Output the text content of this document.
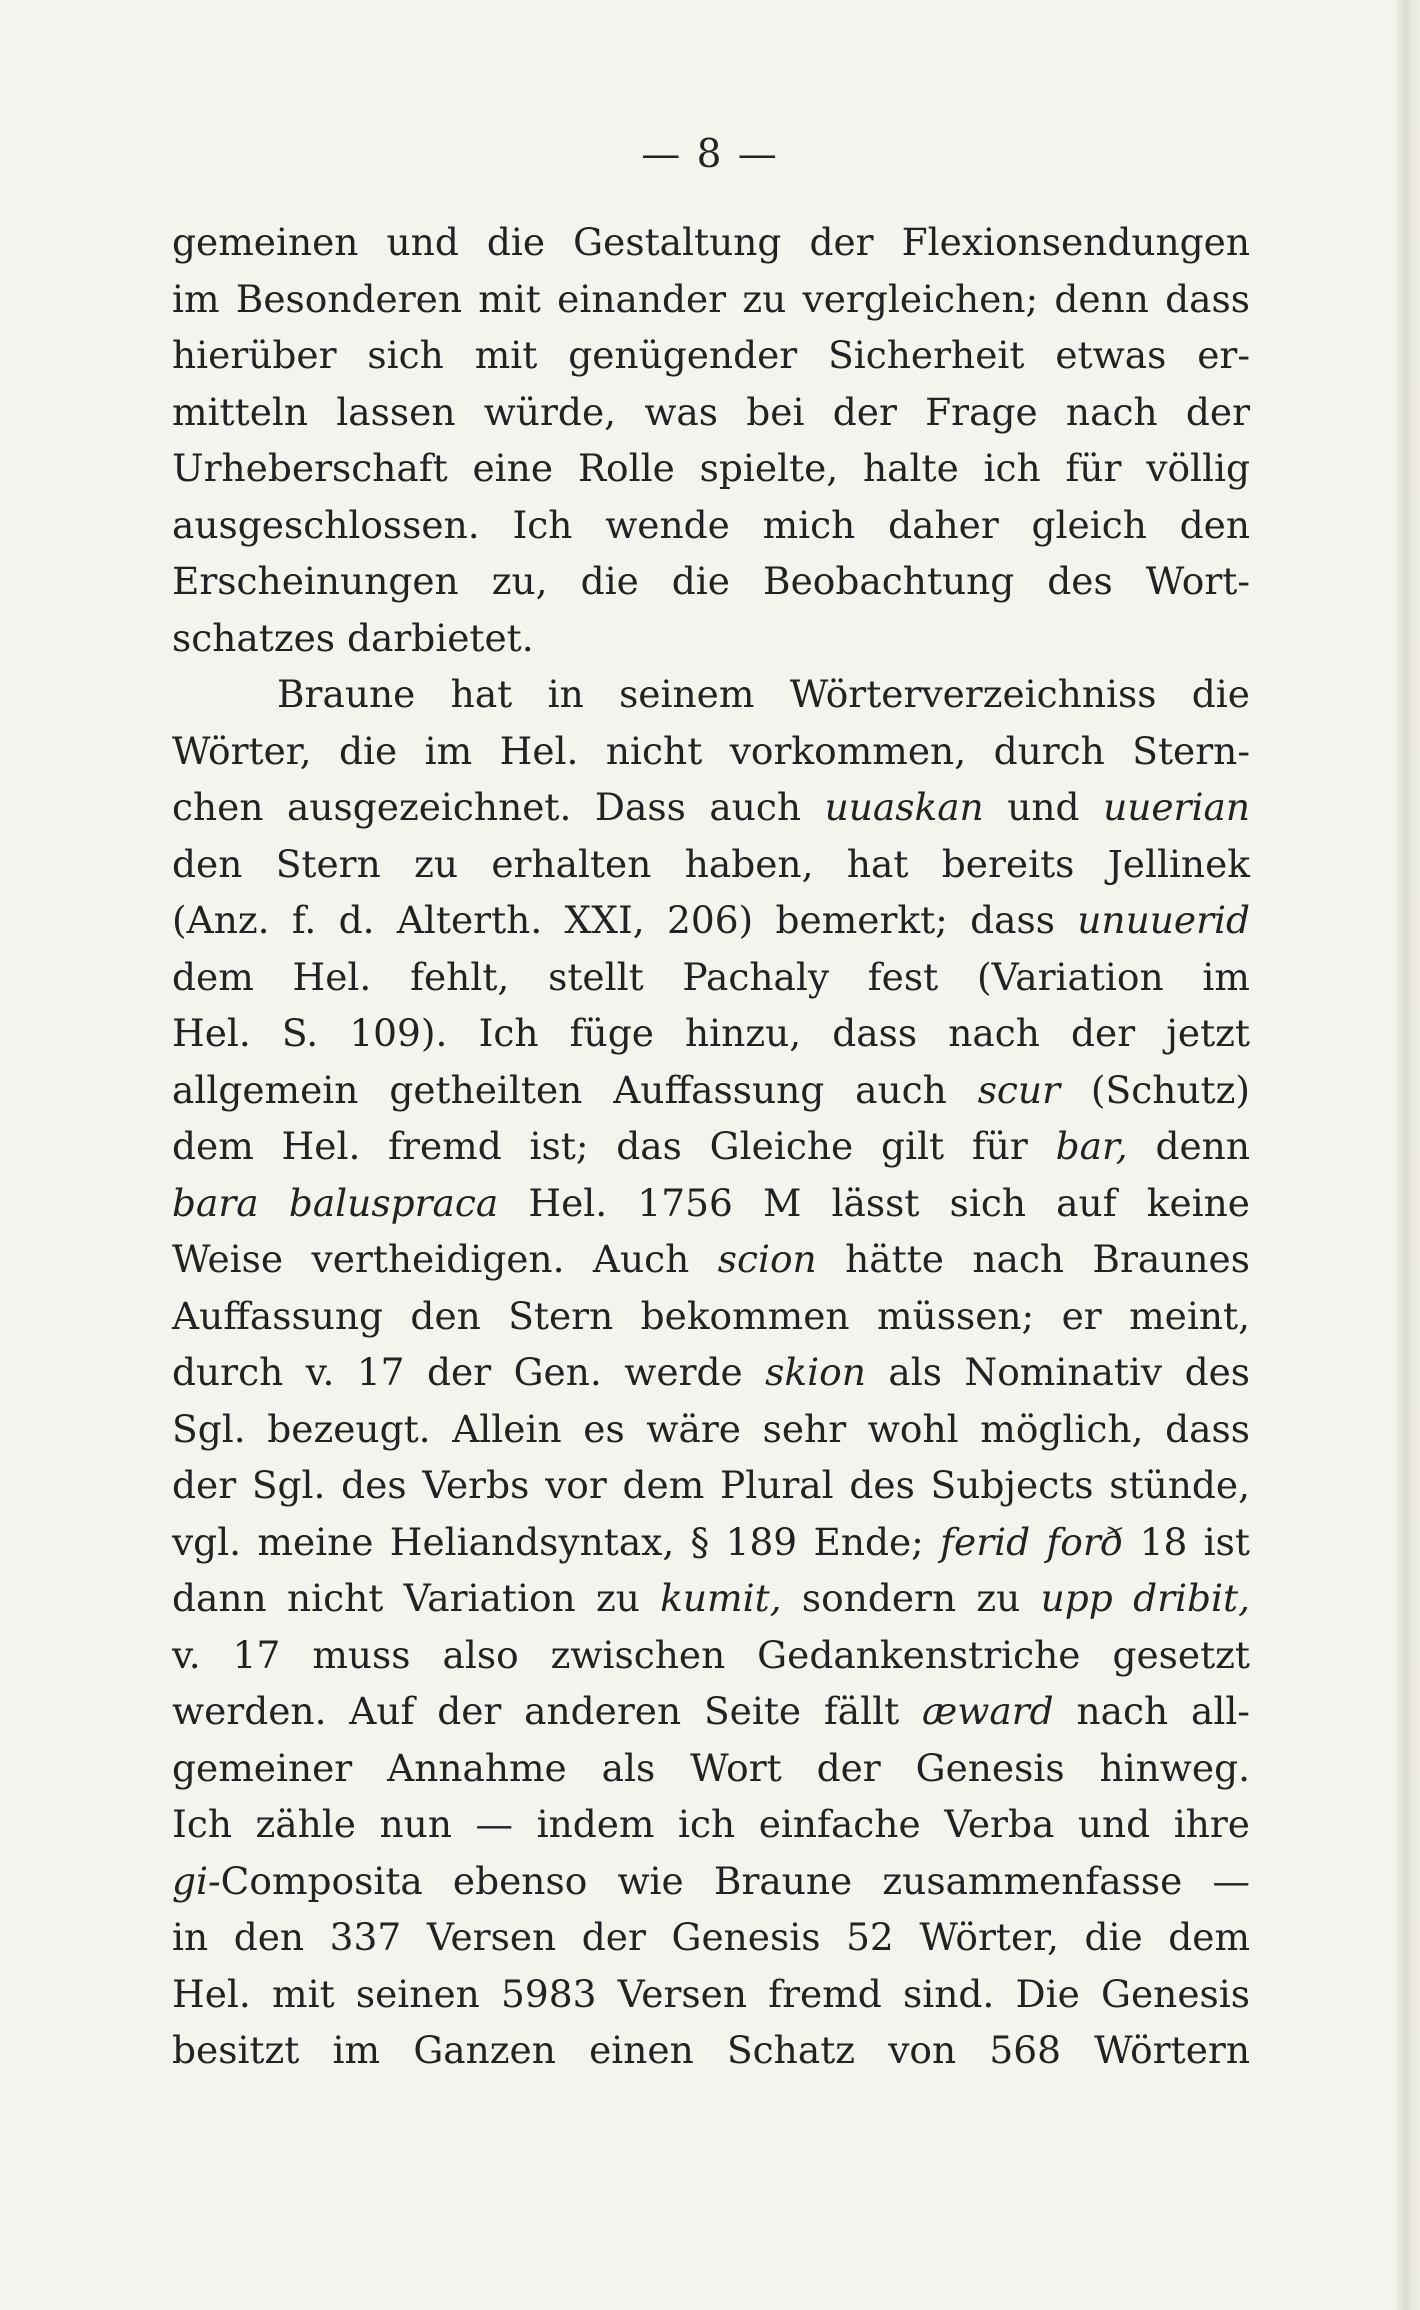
— 8 —
gemeinen und die Gestaltung der Flexionsendungen
im Besonderen mit einander zu vergleichen; denn dass
hierüber sich mit genügender Sicherheit etwas er-
mitteln lassen würde, was bei der Frage nach der
Urheberschaft eine Rolle spielte, halte ich für völlig
ausgeschlossen. Ich wende mich daher gleich den
Erscheinungen zu, die die Beobachtung des Wort-
schatzes darbietet.
Braune hat in seinem Wörterverzeichniss die
Wörter, die im Hel. nicht vorkommen, durch Stern-
chen ausgezeichnet. Dass auch uuaskan und uuerian
den Stern zu erhalten haben, hat bereits Jellinek
(Anz. f. d. Alterth. XXI, 206) bemerkt; dass unuuerid
dem Hel. fehlt, stellt Pachaly fest (Variation im
Hel. S. 109). Ich füge hinzu, dass nach der jetzt
allgemein getheilten Auffassung auch scur (Schutz)
dem Hel. fremd ist; das Gleiche gilt für bar, denn
bara balusprаca Hel. 1756 M lässt sich auf keine
Weise vertheidigen. Auch scion hätte nach Braunes
Auffassung den Stern bekommen müssen; er meint,
durch v. 17 der Gen. werde skion als Nominativ des
Sgl. bezeugt. Allein es wäre sehr wohl möglich, dass
der Sgl. des Verbs vor dem Plural des Subjects stünde,
vgl. meine Heliandsyntax, § 189 Ende; ferid forð 18 ist
dann nicht Variation zu kumit, sondern zu upp dribit,
v. 17 muss also zwischen Gedankenstriche gesetzt
werden. Auf der anderen Seite fällt æward nach all-
gemeiner Annahme als Wort der Genesis hinweg.
Ich zähle nun — indem ich einfache Verba und ihre
gi-Composita ebenso wie Braune zusammenfasse —
in den 337 Versen der Genesis 52 Wörter, die dem
Hel. mit seinen 5983 Versen fremd sind. Die Genesis
besitzt im Ganzen einen Schatz von 568 Wörtern
